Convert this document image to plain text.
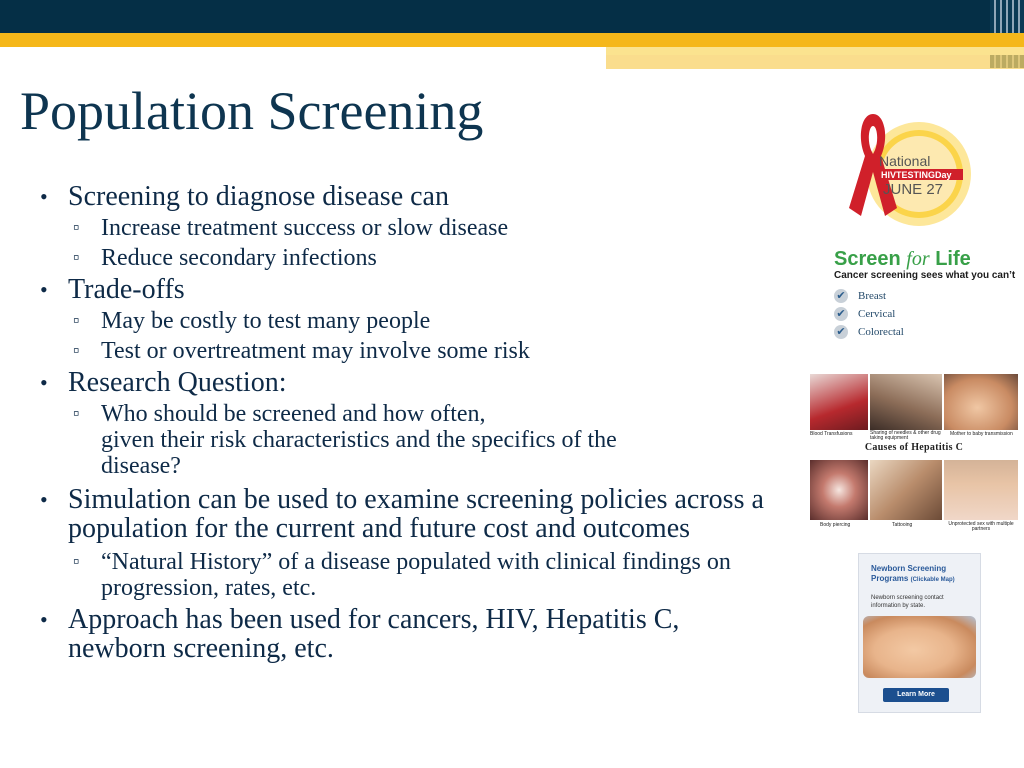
Population Screening
• Screening to diagnose disease can
▫ Increase treatment success or slow disease
▫ Reduce secondary infections
• Trade-offs
▫ May be costly to test many people
▫ Test or overtreatment may involve some risk
• Research Question:
▫ Who should be screened and how often,
given their risk characteristics and the specifics of the
disease?
• Simulation can be used to examine screening policies across a population for the current and future cost and outcomes
▫ “Natural History” of a disease populated with clinical findings on progression, rates, etc.
• Approach has been used for cancers, HIV, Hepatitis C, newborn screening, etc.
National
HIVTESTINGDay
JUNE 27
Screen for Life
Cancer screening sees what you can’t
✔ Breast
✔ Cervical
✔ Colorectal
Blood Transfusions	Sharing of needles & other drug taking equipment
Mother to baby transmission
Causes of Hepatitis C
Body piercing	Tattooing	Unprotected sex with multiple partners
Newborn Screening Programs (Clickable Map)
Newborn screening contact information by state.
Learn More
